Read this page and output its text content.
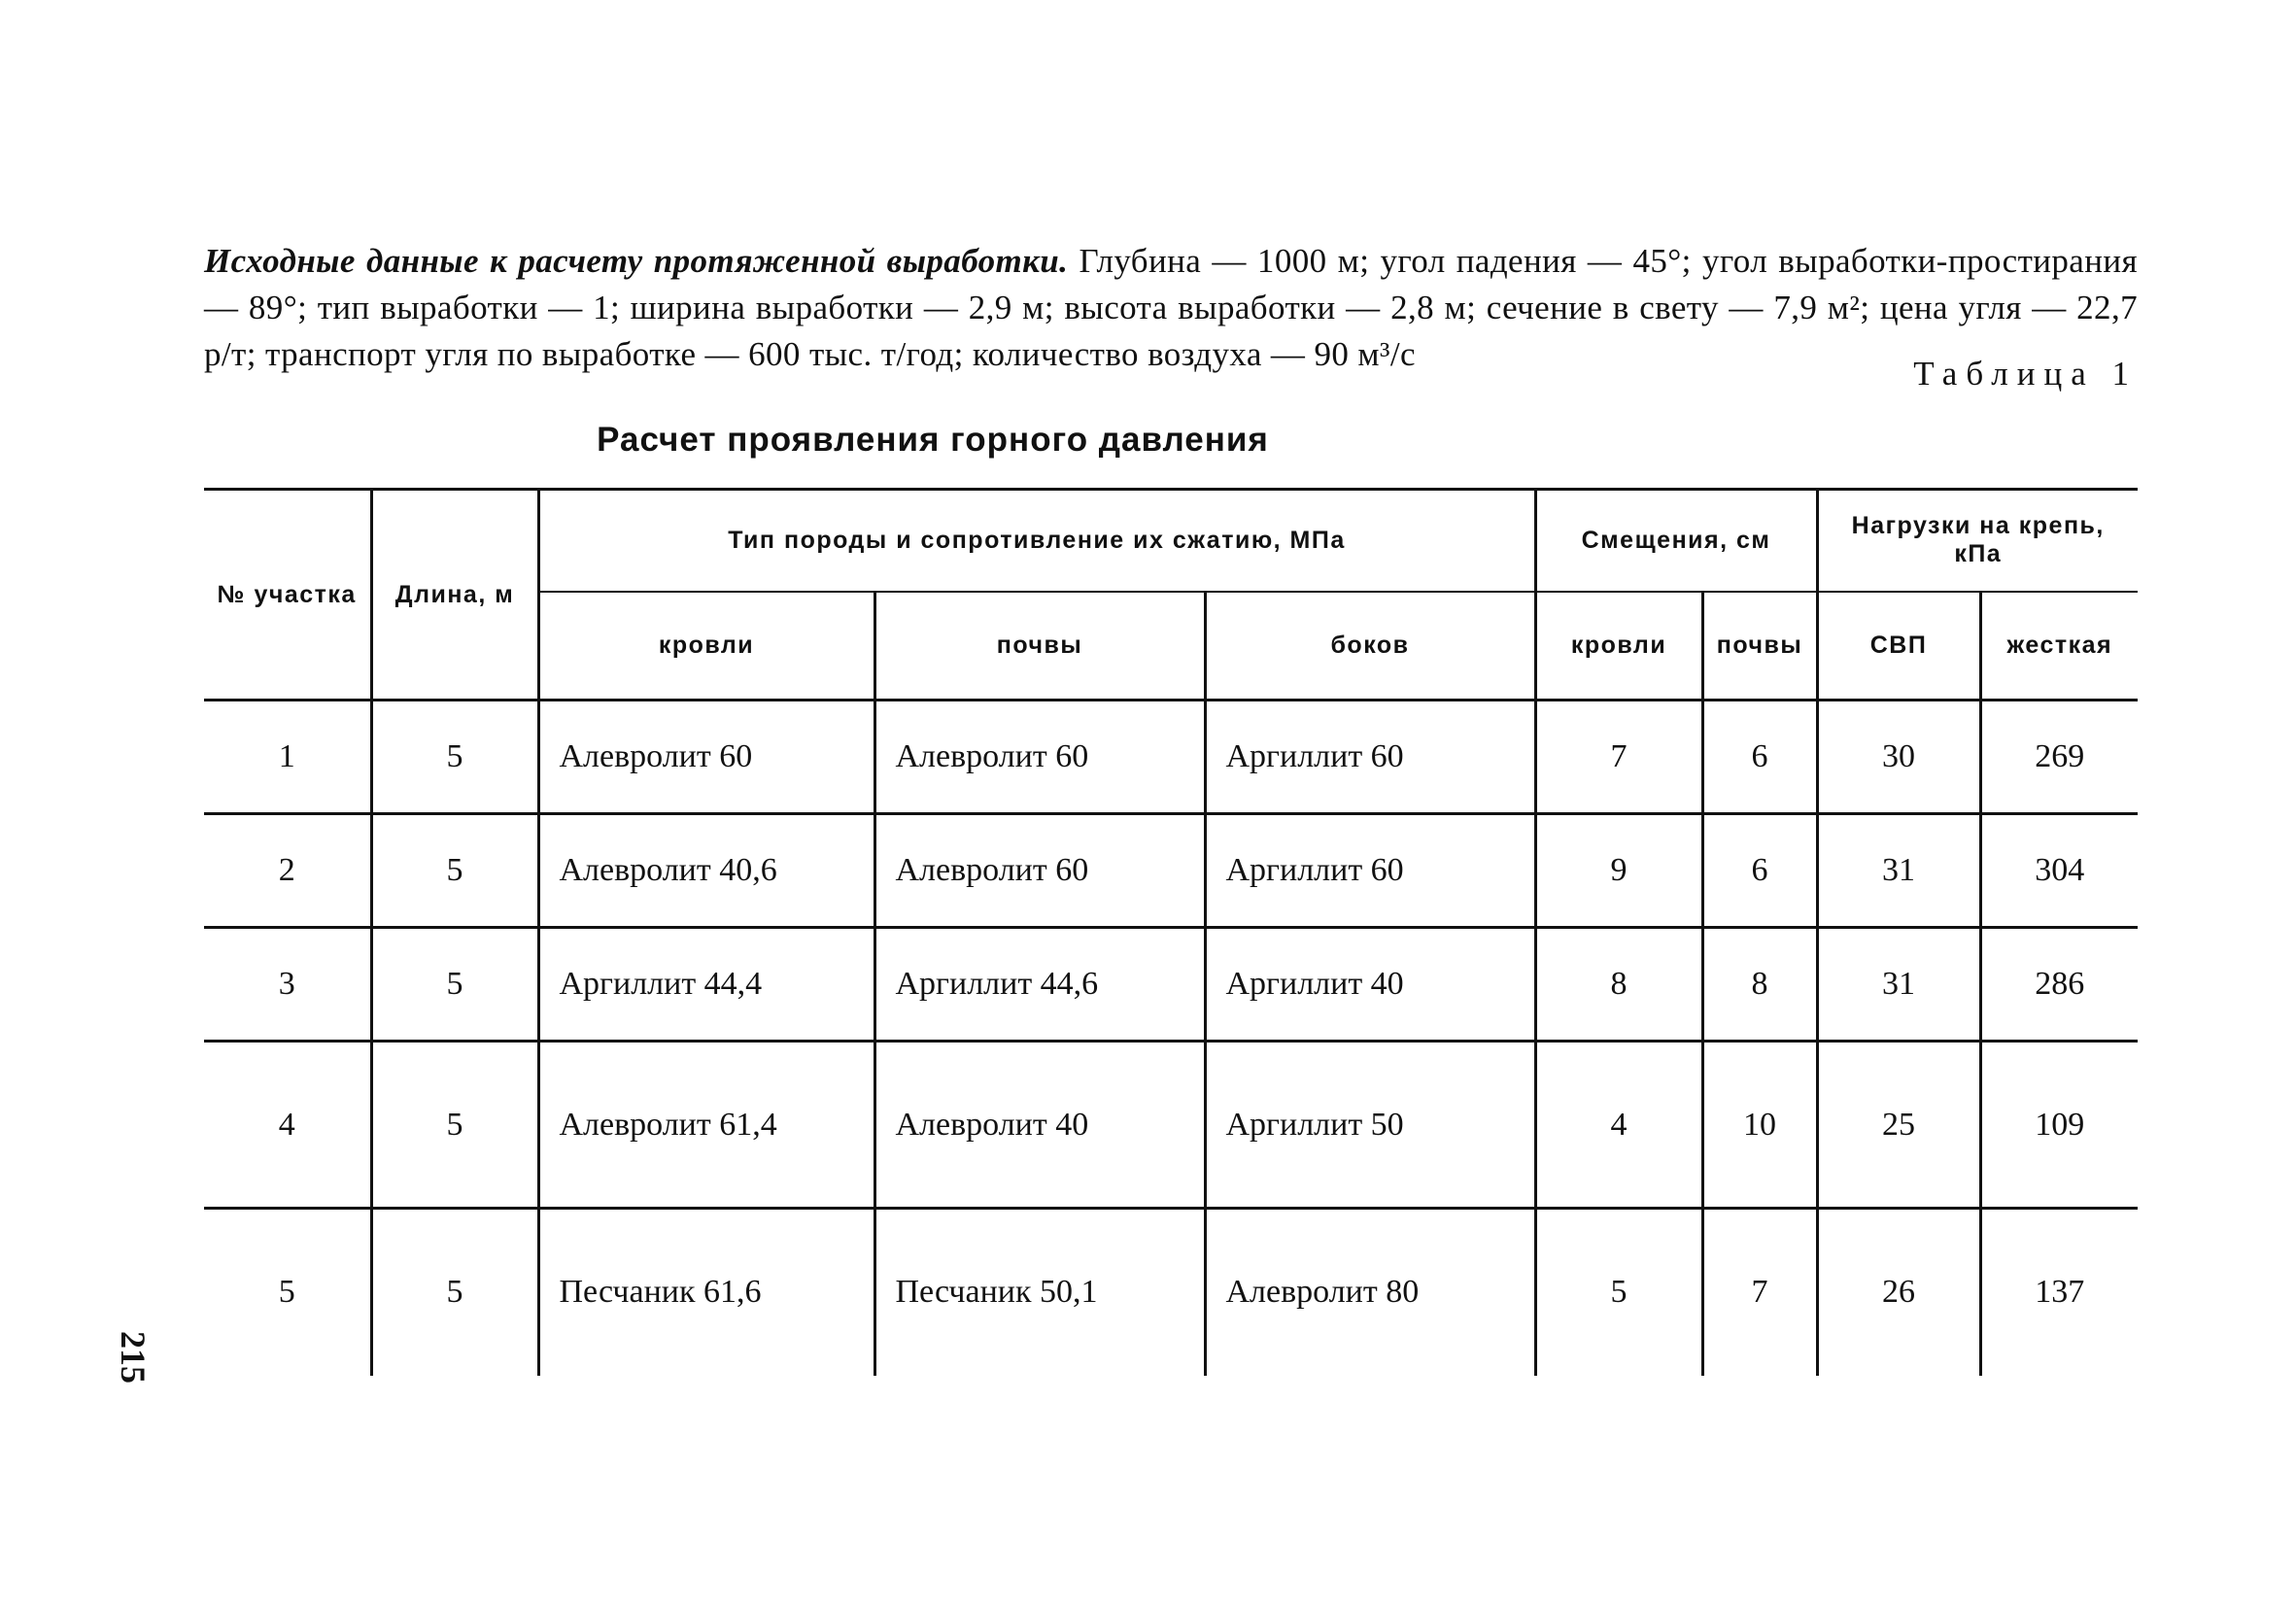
Исходные данные к расчету протяженной выработки. Глубина — 1000 м; угол падения — 45°; угол выработки-простирания — 89°; тип выработки — 1; ширина выработки — 2,9 м; высота выработки — 2,8 м; сечение в свету — 7,9 м²; цена угля — 22,7 р/т; транспорт угля по выработке — 600 тыс. т/год; количество воздуха — 90 м³/с

Таблица 1
Расчет проявления горного давления
№ участка	Длина, м	Тип породы и сопротивление их сжатию, МПа			Смещения, см		Нагрузки на крепь, кПа	
		кровли	почвы	боков	кровли	почвы	СВП	жесткая
1	5	Алевролит 60	Алевролит 60	Аргиллит 60	7	6	30	269
2	5	Алевролит 40,6	Алевролит 60	Аргиллит 60	9	6	31	304
3	5	Аргиллит 44,4	Аргиллит 44,6	Аргиллит 40	8	8	31	286
4	5	Алевролит 61,4	Алевролит 40	Аргиллит 50	4	10	25	109
5	5	Песчаник 61,6	Песчаник 50,1	Алевролит 80	5	7	26	137
215
